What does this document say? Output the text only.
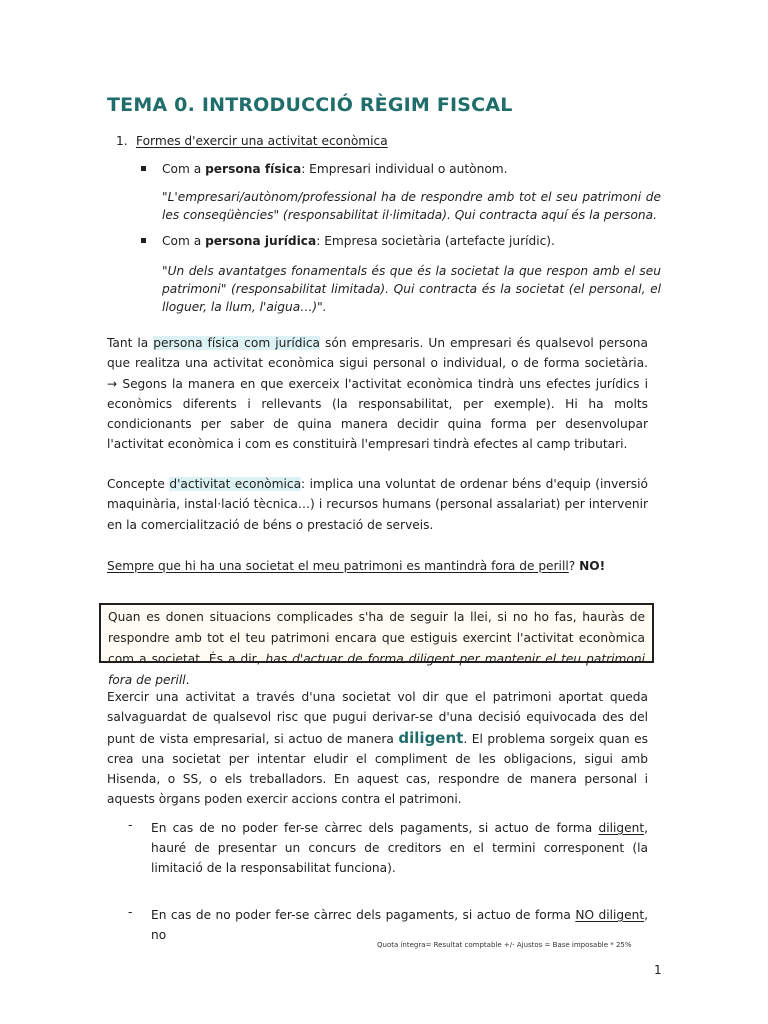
TEMA 0. INTRODUCCIÓ RÈGIM FISCAL
1. Formes d'exercir una activitat econòmica
Com a persona física: Empresari individual o autònom.
"L'empresari/autònom/professional ha de respondre amb tot el seu patrimoni de les conseqüències" (responsabilitat il·limitada). Qui contracta aquí és la persona.
Com a persona jurídica: Empresa societària (artefacte jurídic).
"Un dels avantatges fonamentals és que és la societat la que respon amb el seu patrimoni" (responsabilitat limitada). Qui contracta és la societat (el personal, el lloguer, la llum, l'aigua…)".
Tant la persona física com jurídica són empresaris. Un empresari és qualsevol persona que realitza una activitat econòmica sigui personal o individual, o de forma societària. → Segons la manera en que exerceix l'activitat econòmica tindrà uns efectes jurídics i econòmics diferents i rellevants (la responsabilitat, per exemple). Hi ha molts condicionants per saber de quina manera decidir quina forma per desenvolupar l'activitat econòmica i com es constituirà l'empresari tindrà efectes al camp tributari.
Concepte d'activitat econòmica: implica una voluntat de ordenar béns d'equip (inversió maquinària, instal·lació tècnica…) i recursos humans (personal assalariat) per intervenir en la comercialització de béns o prestació de serveis.
Sempre que hi ha una societat el meu patrimoni es mantindrà fora de perill? NO!
Quan es donen situacions complicades s'ha de seguir la llei, si no ho fas, hauràs de respondre amb tot el teu patrimoni encara que estiguis exercint l'activitat econòmica com a societat. És a dir, has d'actuar de forma diligent per mantenir el teu patrimoni fora de perill.
Exercir una activitat a través d'una societat vol dir que el patrimoni aportat queda salvaguardat de qualsevol risc que pugui derivar-se d'una decisió equivocada des del punt de vista empresarial, si actuo de manera diligent. El problema sorgeix quan es crea una societat per intentar eludir el compliment de les obligacions, sigui amb Hisenda, o SS, o els treballadors. En aquest cas, respondre de manera personal i aquests òrgans poden exercir accions contra el patrimoni.
- En cas de no poder fer-se càrrec dels pagaments, si actuo de forma diligent, hauré de presentar un concurs de creditors en el termini corresponent (la limitació de la responsabilitat funciona).
- En cas de no poder fer-se càrrec dels pagaments, si actuo de forma NO diligent, no
Quota íntegra= Resultat comptable +/- Ajustos = Base imposable * 25%
1
